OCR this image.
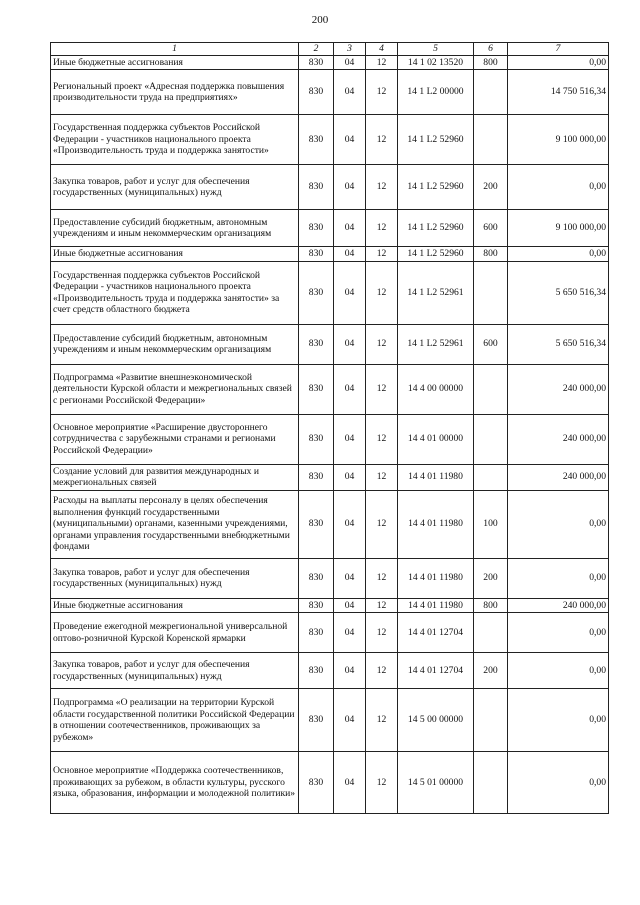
200
1	2	3	4	5	6	7
Иные бюджетные ассигнования	830	04	12	14 1 02 13520	800	0,00
Региональный проект «Адресная поддержка повышения производительности труда на предприятиях»	830	04	12	14 1 L2 00000		14 750 516,34
Государственная поддержка субъектов Российской Федерации - участников национального проекта «Производительность труда и поддержка занятости»	830	04	12	14 1 L2 52960		9 100 000,00
Закупка товаров, работ и услуг для обеспечения государственных (муниципальных) нужд	830	04	12	14 1 L2 52960	200	0,00
Предоставление субсидий бюджетным, автономным учреждениям и иным некоммерческим организациям	830	04	12	14 1 L2 52960	600	9 100 000,00
Иные бюджетные ассигнования	830	04	12	14 1 L2 52960	800	0,00
Государственная поддержка субъектов Российской Федерации - участников национального проекта «Производительность труда и поддержка занятости» за счет средств областного бюджета	830	04	12	14 1 L2 52961		5 650 516,34
Предоставление субсидий бюджетным, автономным учреждениям и иным некоммерческим организациям	830	04	12	14 1 L2 52961	600	5 650 516,34
Подпрограмма «Развитие внешнеэкономической деятельности Курской области и межрегиональных связей с регионами Российской Федерации»	830	04	12	14 4 00 00000		240 000,00
Основное мероприятие «Расширение двустороннего сотрудничества с зарубежными странами и регионами Российской Федерации»	830	04	12	14 4 01 00000		240 000,00
Создание условий для развития международных и межрегиональных связей	830	04	12	14 4 01 11980		240 000,00
Расходы на выплаты персоналу в целях обеспечения выполнения функций государственными (муниципальными) органами, казенными учреждениями, органами управления государственными внебюджетными фондами	830	04	12	14 4 01 11980	100	0,00
Закупка товаров, работ и услуг для обеспечения государственных (муниципальных) нужд	830	04	12	14 4 01 11980	200	0,00
Иные бюджетные ассигнования	830	04	12	14 4 01 11980	800	240 000,00
Проведение ежегодной межрегиональной универсальной оптово-розничной Курской Коренской ярмарки	830	04	12	14 4 01 12704		0,00
Закупка товаров, работ и услуг для обеспечения государственных (муниципальных) нужд	830	04	12	14 4 01 12704	200	0,00
Подпрограмма «О реализации на территории Курской области государственной политики Российской Федерации в отношении соотечественников, проживающих за рубежом»	830	04	12	14 5 00 00000		0,00
Основное мероприятие «Поддержка соотечественников, проживающих за рубежом, в области культуры, русского языка, образования, информации и молодежной политики»	830	04	12	14 5 01 00000		0,00
